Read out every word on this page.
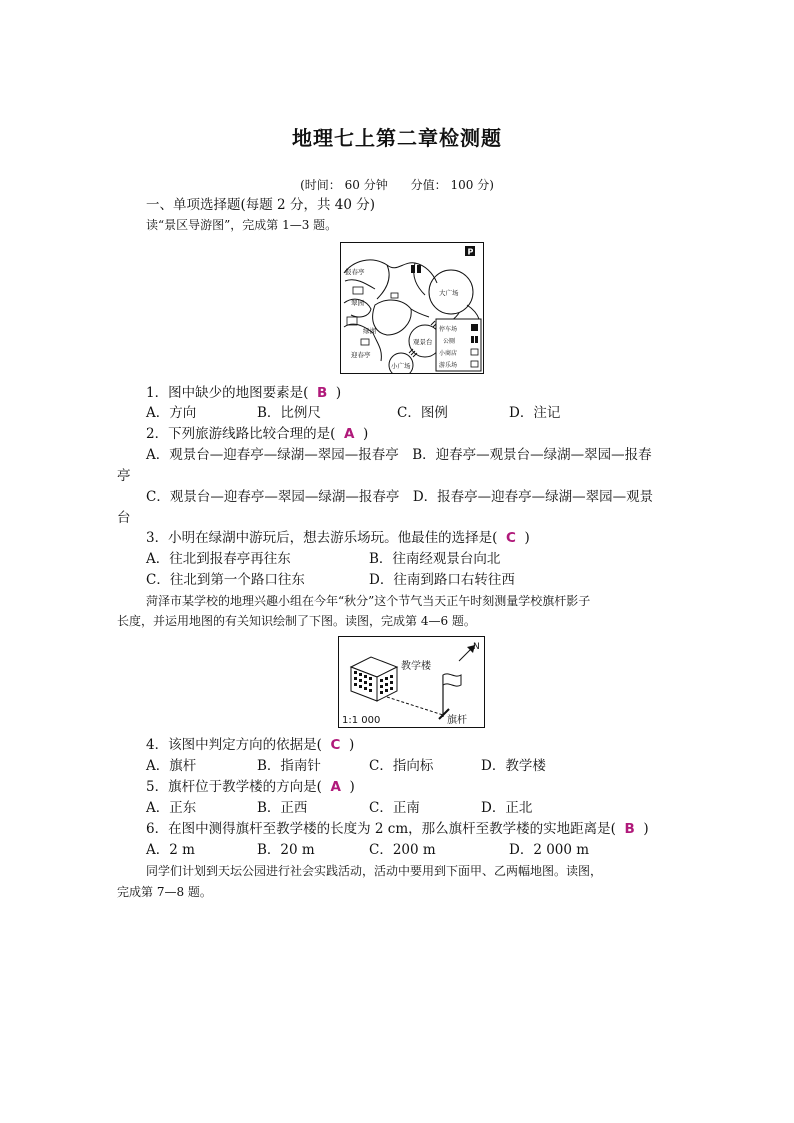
地理七上第二章检测题
(时间： 60 分钟 分值： 100 分)
一、单项选择题(每题 2 分，共 40 分)
读“景区导游图”，完成第 1—3 题。
P
报春亭
翠园
绿湖
迎春亭
大广场
观景台
小广场
停车场
公厕
小商店
游乐场
1．图中缺少的地图要素是( B )
A．方向	B．比例尺	C．图例	D．注记
2．下列旅游线路比较合理的是( A )
A．观景台—迎春亭—绿湖—翠园—报春亭　B．迎春亭—观景台—绿湖—翠园—报春
亭
C．观景台—迎春亭—翠园—绿湖—报春亭　D．报春亭—迎春亭—绿湖—翠园—观景
台
3．小明在绿湖中游玩后，想去游乐场玩。他最佳的选择是( C )
A．往北到报春亭再往东	B．往南经观景台向北
C．往北到第一个路口往东	D．往南到路口右转往西
菏泽市某学校的地理兴趣小组在今年“秋分”这个节气当天正午时刻测量学校旗杆影子
长度，并运用地图的有关知识绘制了下图。读图，完成第 4—6 题。
教学楼
旗杆
N
1:1 000
4．该图中判定方向的依据是( C )
A．旗杆	B．指南针	C．指向标	D．教学楼
5．旗杆位于教学楼的方向是( A )
A．正东	B．正西	C．正南	D．正北
6．在图中测得旗杆至教学楼的长度为 2 cm，那么旗杆至教学楼的实地距离是( B )
A．2 m	B．20 m	C．200 m	D．2 000 m
同学们计划到天坛公园进行社会实践活动，活动中要用到下面甲、乙两幅地图。读图，
完成第 7—8 题。
